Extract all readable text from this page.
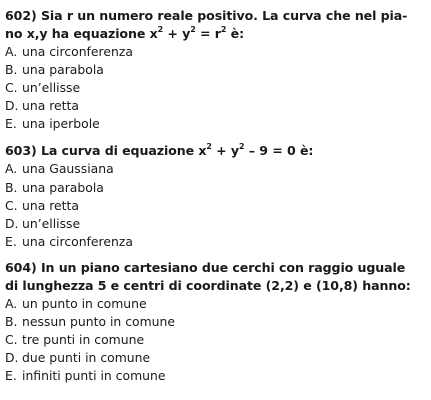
602) Sia r un numero reale positivo. La curva che nel pia-
no x,y ha equazione $x^2 + y^2 = r^2$ è:
A. una circonferenza
B. una parabola
C. un’ellisse
D. una retta
E. una iperbole
603) La curva di equazione $x^2 + y^2 - 9 = 0$ è:
A. una Gaussiana
B. una parabola
C. una retta
D. un’ellisse
E. una circonferenza
604) In un piano cartesiano due cerchi con raggio uguale
di lunghezza 5 e centri di coordinate (2,2) e (10,8) hanno:
A. un punto in comune
B. nessun punto in comune
C. tre punti in comune
D. due punti in comune
E. infiniti punti in comune
